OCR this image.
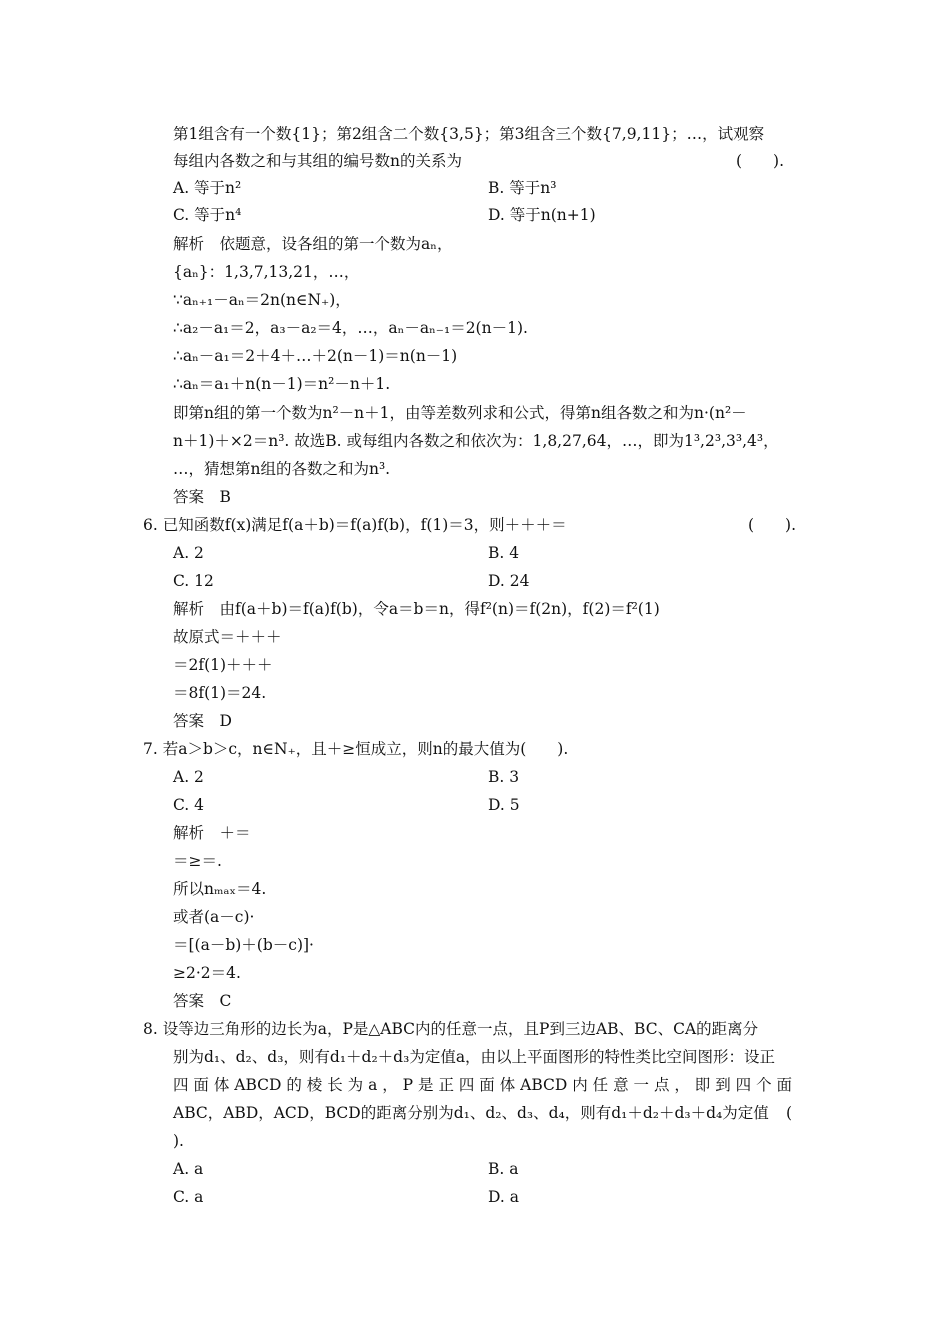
第1组含有一个数{1}；第2组含二个数{3,5}；第3组含三个数{7,9,11}；…，试观察
每组内各数之和与其组的编号数n的关系为	(　　).
A. 等于n²	B. 等于n³
C. 等于n⁴	D. 等于n(n+1)
解析　依题意，设各组的第一个数为aₙ，
{aₙ}：1,3,7,13,21，…，
∵aₙ₊₁－aₙ＝2n(n∈N₊)，
∴a₂－a₁＝2，a₃－a₂＝4，…，aₙ－aₙ₋₁＝2(n－1).
∴aₙ－a₁＝2＋4＋…＋2(n－1)＝n(n－1)
∴aₙ＝a₁＋n(n－1)＝n²－n＋1.
即第n组的第一个数为n²－n＋1，由等差数列求和公式，得第n组各数之和为n·(n²－
n＋1)＋×2＝n³. 故选B. 或每组内各数之和依次为：1,8,27,64，…，即为1³,2³,3³,4³，
…，猜想第n组的各数之和为n³.
答案　B
6. 已知函数f(x)满足f(a＋b)＝f(a)f(b)，f(1)＝3，则＋＋＋＝	(　　).
A. 2	B. 4
C. 12	D. 24
解析　由f(a＋b)＝f(a)f(b)，令a＝b＝n，得f²(n)＝f(2n)，f(2)＝f²(1)
故原式＝＋＋＋
＝2f(1)＋＋＋
＝8f(1)＝24.
答案　D
7. 若a＞b＞c，n∈N₊，且＋≥恒成立，则n的最大值为(　　).
A. 2	B. 3
C. 4	D. 5
解析　＋＝
＝≥＝.
所以nₘₐₓ＝4.
或者(a－c)·
＝[(a－b)＋(b－c)]·
≥2·2＝4.
答案　C
8. 设等边三角形的边长为a，P是△ABC内的任意一点，且P到三边AB、BC、CA的距离分
别为d₁、d₂、d₃，则有d₁＋d₂＋d₃为定值a，由以上平面图形的特性类比空间图形：设正
四 面 体 ABCD 的 棱 长 为 a ， P 是 正 四 面 体 ABCD 内 任 意 一 点 ， 即 到 四 个 面
ABC，ABD，ACD，BCD的距离分别为d₁、d₂、d₃、d₄，则有d₁＋d₂＋d₃＋d₄为定值 (
).
A. a	B. a
C. a	D. a
